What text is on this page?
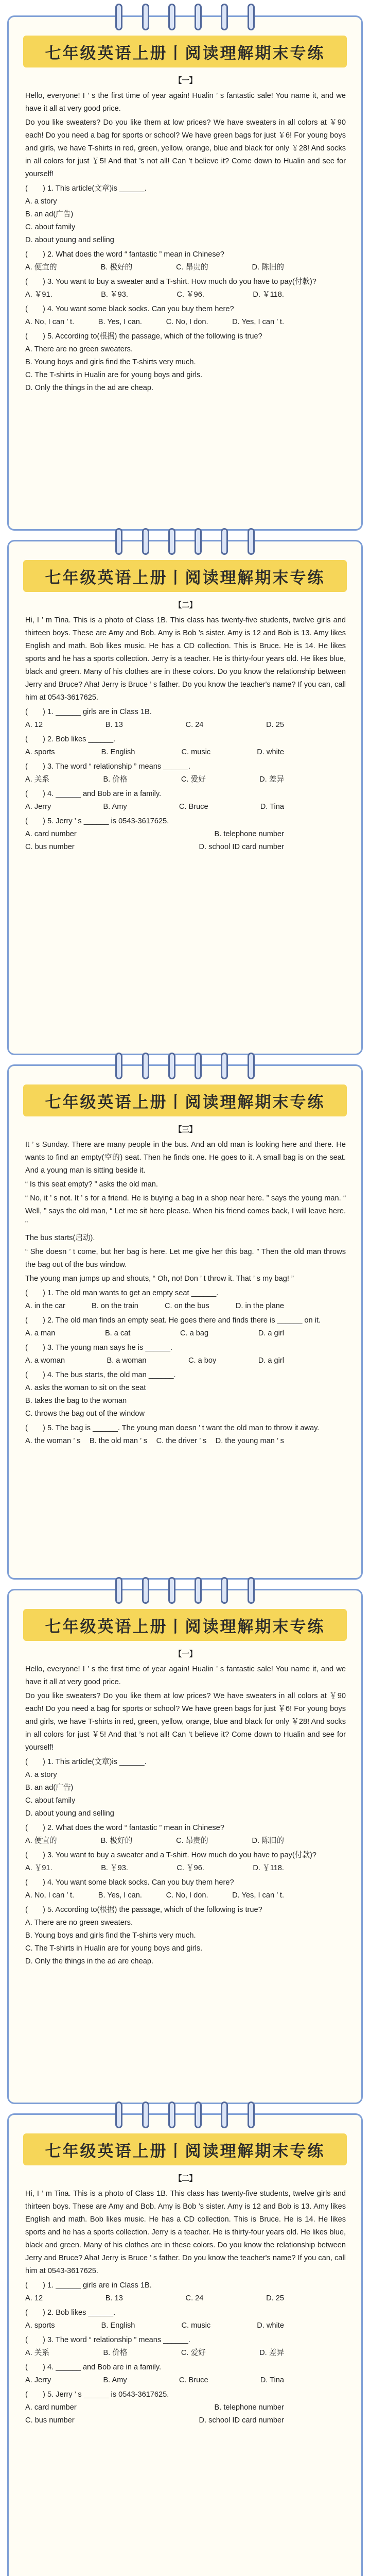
七年级英语上册丨阅读理解期末专练
【一】

Hello, everyone! I ’ s the first time of year again! Hualin ’ s fantastic sale! You name it, and we have it all at very good price.

Do you like sweaters? Do you like them at low prices? We have sweaters in all colors at ￥90 each! Do you need a bag for sports or school? We have green bags for just ￥6! For young boys and girls, we have T-shirts in red, green, yellow, orange, blue and black for only ￥28! And socks in all colors for just ￥5! And that ’s not all! Can ’t believe it? Come down to Hualin and see for yourself!

(　　) 1. This article(文章)is ______.
A. a story
B. an ad(广告)
C. about family
D. about young and selling
(　　) 2. What does the word “ fantastic ” mean in Chinese?
A. 便宜的	B. 极好的	C. 昂贵的	D. 陈旧的
(　　) 3. You want to buy a sweater and a T-shirt. How much do you have to pay(付款)?
A. ￥91.	B. ￥93.	C. ￥96.	D. ￥118.
(　　) 4. You want some black socks. Can you buy them here?
A. No, I can ’ t.	B. Yes, I can.	C. No, I don.	D. Yes, I can ’ t.
(　　) 5. According to(根据) the passage, which of the following is true?
A. There are no green sweaters.
B. Young boys and girls find the T-shirts very much.
C. The T-shirts in Hualin are for young boys and girls.
D. Only the things in the ad are cheap.
七年级英语上册丨阅读理解期末专练
【二】

Hi, I ’ m Tina. This is a photo of Class 1B. This class has twenty-five students, twelve girls and thirteen boys. These are Amy and Bob. Amy is Bob ’s sister. Amy is 12 and Bob is 13. Amy likes English and math. Bob likes music. He has a CD collection. This is Bruce. He is 14. He likes sports and he has a sports collection. Jerry is a teacher. He is thirty-four years old. He likes blue, black and green. Many of his clothes are in these colors. Do you know the relationship between Jerry and Bruce? Aha! Jerry is Bruce ’ s father. Do you know the teacher's name? If you can, call him at 0543-3617625.

(　　) 1. ______ girls are in Class 1B.
A. 12	B. 13	C. 24	D. 25
(　　) 2. Bob likes ______.
A. sports	B. English	C. music	D. white
(　　) 3. The word “ relationship ” means ______.
A. 关系	B. 价格	C. 爱好	D. 差异
(　　) 4. ______ and Bob are in a family.
A. Jerry	B. Amy	C. Bruce	D. Tina
(　　) 5. Jerry ’ s ______ is 0543-3617625.
A. card number	B. telephone number
C. bus number	D. school ID card number
七年级英语上册丨阅读理解期末专练
【三】

It ’ s Sunday. There are many people in the bus. And an old man is looking here and there. He wants to find an empty(空的) seat. Then he finds one. He goes to it. A small bag is on the seat. And a young man is sitting beside it.

“ Is this seat empty? ” asks the old man.

“ No, it ’ s not. It ’ s for a friend. He is buying a bag in a shop near here. ” says the young man. “ Well, ” says the old man, “ Let me sit here please. When his friend comes back, I will leave here. ”

The bus starts(启动).

“ She doesn ’ t come, but her bag is here. Let me give her this bag. ” Then the old man throws the bag out of the bus window.

The young man jumps up and shouts, “ Oh, no! Don ’ t throw it. That ’ s my bag! ”

(　　) 1. The old man wants to get an empty seat ______.
A. in the car	B. on the train	C. on the bus	D. in the plane
(　　) 2. The old man finds an empty seat. He goes there and finds there is ______ on it.
A. a man	B. a cat	C. a bag	D. a girl
(　　) 3. The young man says he is ______.
A. a woman	B. a woman	C. a boy	D. a girl
(　　) 4. The bus starts, the old man ______.
A. asks the woman to sit on the seat
B. takes the bag to the woman
C. throws the bag out of the window
(　　) 5. The bag is ______. The young man doesn ’ t want the old man to throw it away.
A. the woman ’ s B. the old man ’ s C. the driver ’ s D. the young man ’ s
七年级英语上册丨阅读理解期末专练
【一】

Hello, everyone! I ’ s the first time of year again! Hualin ’ s fantastic sale! You name it, and we have it all at very good price.

Do you like sweaters? Do you like them at low prices? We have sweaters in all colors at ￥90 each! Do you need a bag for sports or school? We have green bags for just ￥6! For young boys and girls, we have T-shirts in red, green, yellow, orange, blue and black for only ￥28! And socks in all colors for just ￥5! And that ’s not all! Can ’t believe it? Come down to Hualin and see for yourself!

(　　) 1. This article(文章)is ______.
A. a story
B. an ad(广告)
C. about family
D. about young and selling
(　　) 2. What does the word “ fantastic ” mean in Chinese?
A. 便宜的	B. 极好的	C. 昂贵的	D. 陈旧的
(　　) 3. You want to buy a sweater and a T-shirt. How much do you have to pay(付款)?
A. ￥91.	B. ￥93.	C. ￥96.	D. ￥118.
(　　) 4. You want some black socks. Can you buy them here?
A. No, I can ’ t.	B. Yes, I can.	C. No, I don.	D. Yes, I can ’ t.
(　　) 5. According to(根据) the passage, which of the following is true?
A. There are no green sweaters.
B. Young boys and girls find the T-shirts very much.
C. The T-shirts in Hualin are for young boys and girls.
D. Only the things in the ad are cheap.
七年级英语上册丨阅读理解期末专练
【二】

Hi, I ’ m Tina. This is a photo of Class 1B. This class has twenty-five students, twelve girls and thirteen boys. These are Amy and Bob. Amy is Bob ’s sister. Amy is 12 and Bob is 13. Amy likes English and math. Bob likes music. He has a CD collection. This is Bruce. He is 14. He likes sports and he has a sports collection. Jerry is a teacher. He is thirty-four years old. He likes blue, black and green. Many of his clothes are in these colors. Do you know the relationship between Jerry and Bruce? Aha! Jerry is Bruce ’ s father. Do you know the teacher's name? If you can, call him at 0543-3617625.

(　　) 1. ______ girls are in Class 1B.
A. 12	B. 13	C. 24	D. 25
(　　) 2. Bob likes ______.
A. sports	B. English	C. music	D. white
(　　) 3. The word “ relationship ” means ______.
A. 关系	B. 价格	C. 爱好	D. 差异
(　　) 4. ______ and Bob are in a family.
A. Jerry	B. Amy	C. Bruce	D. Tina
(　　) 5. Jerry ’ s ______ is 0543-3617625.
A. card number	B. telephone number
C. bus number	D. school ID card number
